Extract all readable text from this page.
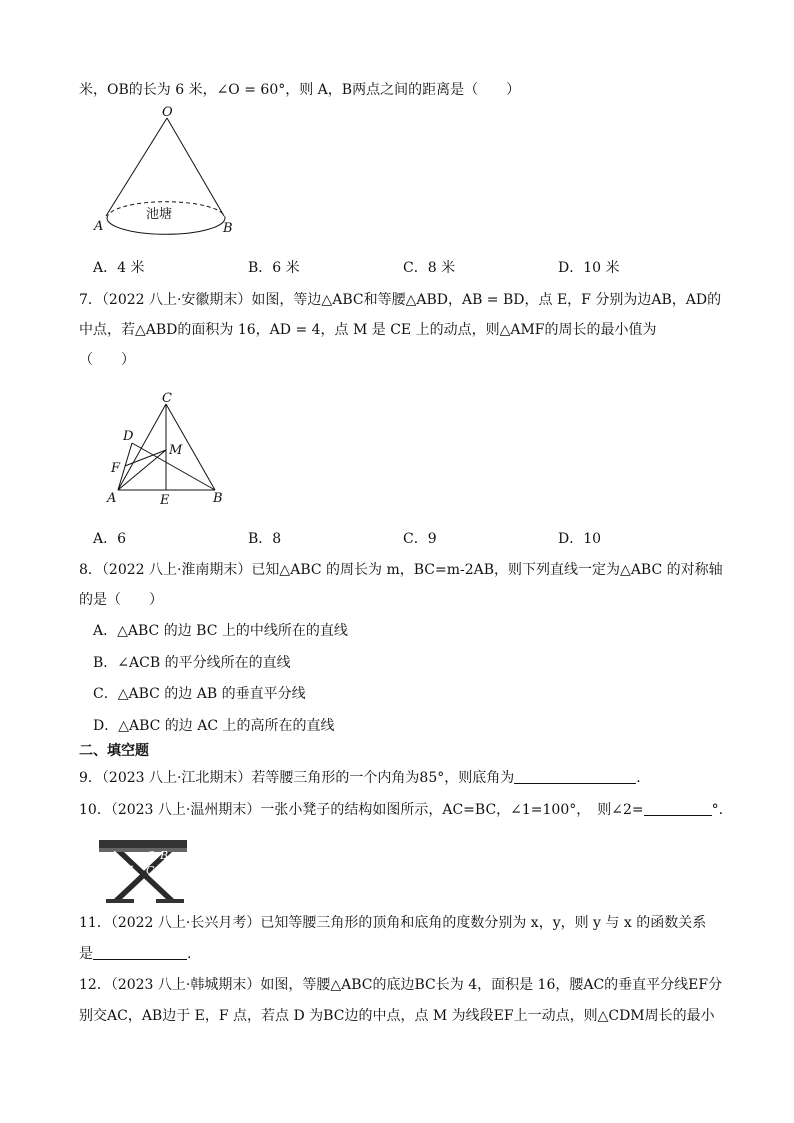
米，OB的长为 6 米，∠O = 60°，则 A，B两点之间的距离是（　　）
O
A	B
池塘
A．4 米	B．6 米	C．8 米	D．10 米
7．（2022 八上·安徽期末）如图，等边△ABC和等腰△ABD，AB = BD，点 E，F 分别为边AB，AD的
中点，若△ABD的面积为 16，AD = 4，点 M 是 CE 上的动点，则△AMF的周长的最小值为
（　　）
C
D
M
F
A	E	B
A．6	B．8	C．9	D．10
8．（2022 八上·淮南期末）已知△ABC 的周长为 m，BC=m-2AB，则下列直线一定为△ABC 的对称轴
的是（　　）
A．△ABC 的边 BC 上的中线所在的直线
B．∠ACB 的平分线所在的直线
C．△ABC 的边 AB 的垂直平分线
D．△ABC 的边 AC 上的高所在的直线
二、填空题
9．（2023 八上·江北期末）若等腰三角形的一个内角为85°，则底角为	.
10．（2023 八上·温州期末）一张小凳子的结构如图所示，AC=BC，∠1=100°，　则∠2=	°.
A	2 B
1 C
11．（2022 八上·长兴月考）已知等腰三角形的顶角和底角的度数分别为 x，y，则 y 与 x 的函数关系
是	.
12．（2023 八上·韩城期末）如图，等腰△ABC的底边BC长为 4，面积是 16，腰AC的垂直平分线EF分
别交AC，AB边于 E，F 点，若点 D 为BC边的中点，点 M 为线段EF上一动点，则△CDM周长的最小
